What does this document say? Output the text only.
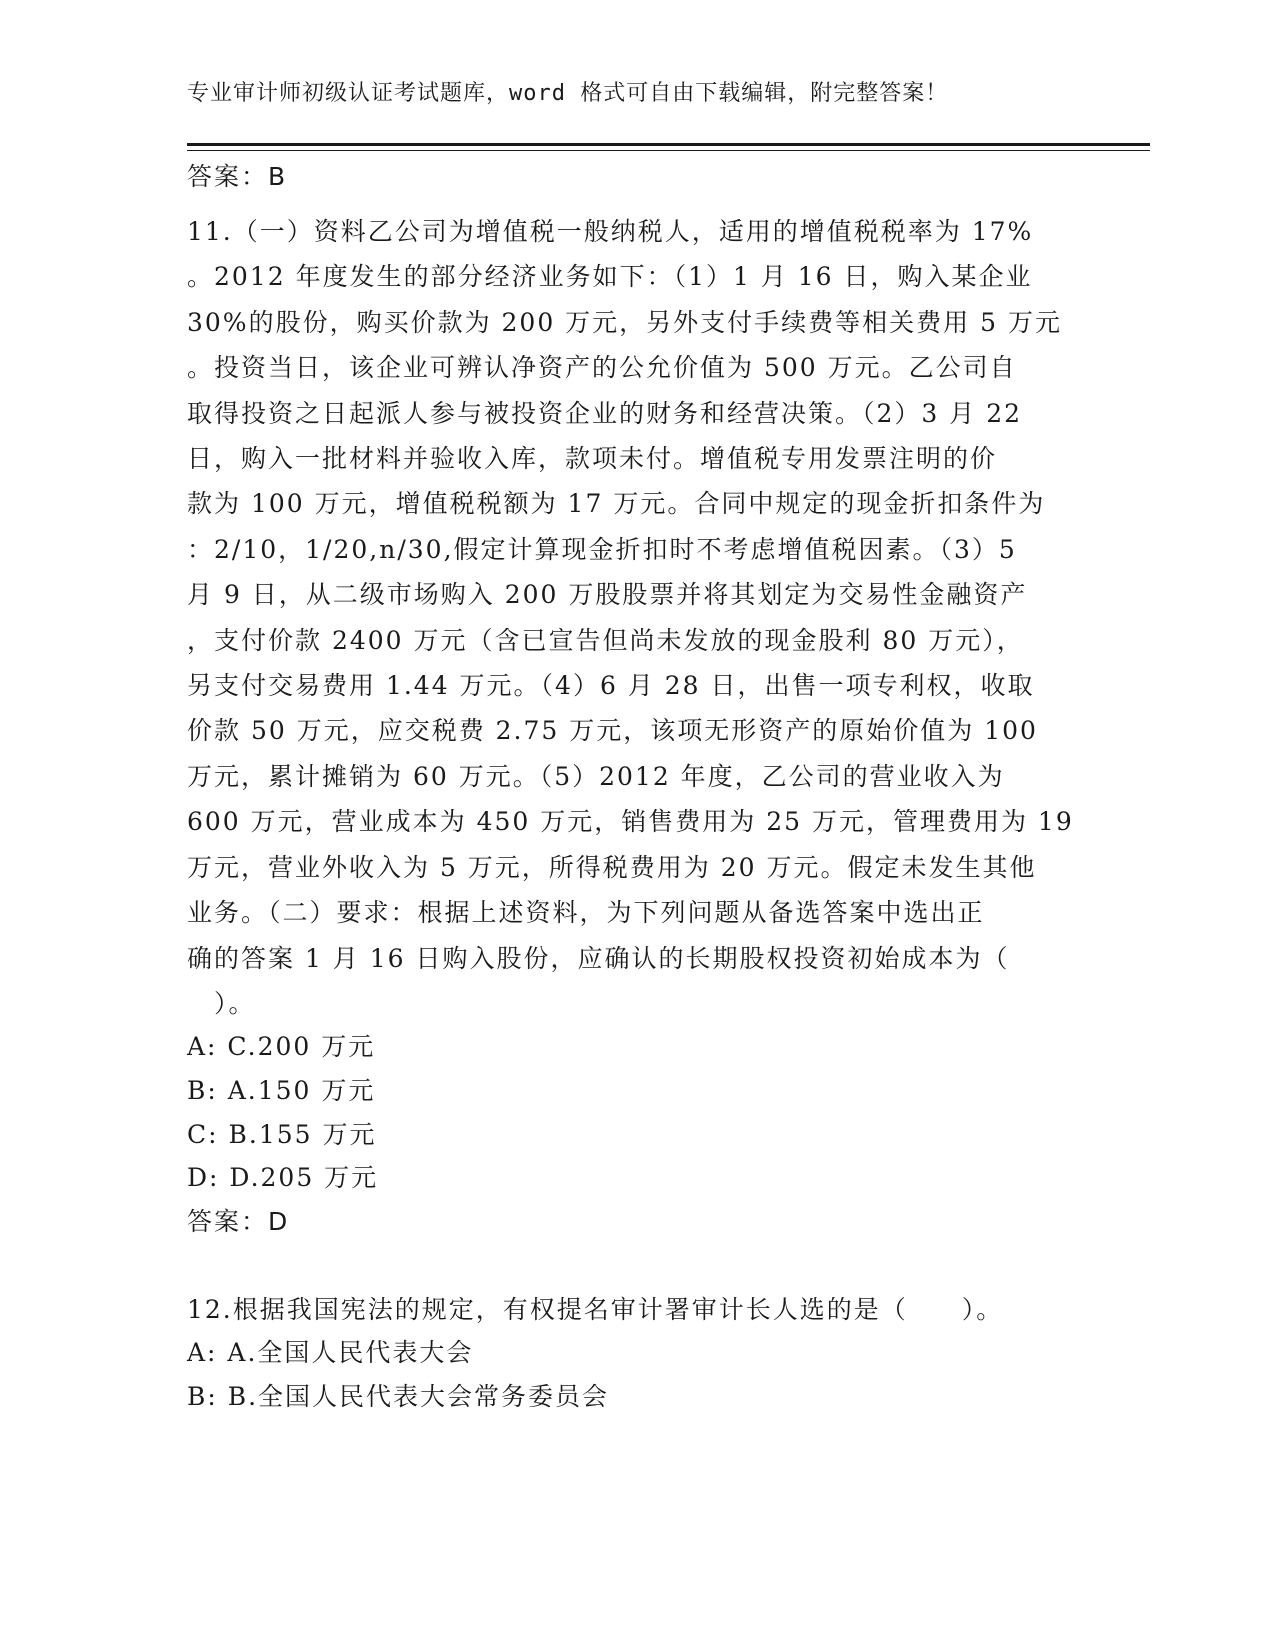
专业审计师初级认证考试题库，word 格式可自由下载编辑，附完整答案！
答案：B

11.（一）资料乙公司为增值税一般纳税人，适用的增值税税率为 17%

。2012 年度发生的部分经济业务如下：（1）1 月 16 日，购入某企业

30%的股份，购买价款为 200 万元，另外支付手续费等相关费用 5 万元

。投资当日，该企业可辨认净资产的公允价值为 500 万元。乙公司自

取得投资之日起派人参与被投资企业的财务和经营决策。（2）3 月 22

日，购入一批材料并验收入库，款项未付。增值税专用发票注明的价

款为 100 万元，增值税税额为 17 万元。合同中规定的现金折扣条件为

：2/10，1/20,n/30,假定计算现金折扣时不考虑增值税因素。（3）5

月 9 日，从二级市场购入 200 万股股票并将其划定为交易性金融资产

，支付价款 2400 万元（含已宣告但尚未发放的现金股利 80 万元），

另支付交易费用 1.44 万元。（4）6 月 28 日，出售一项专利权，收取

价款 50 万元，应交税费 2.75 万元，该项无形资产的原始价值为 100

万元，累计摊销为 60 万元。（5）2012 年度，乙公司的营业收入为

600 万元，营业成本为 450 万元，销售费用为 25 万元，管理费用为 19

万元，营业外收入为 5 万元，所得税费用为 20 万元。假定未发生其他

业务。（二）要求：根据上述资料，为下列问题从备选答案中选出正

确的答案 1 月 16 日购入股份，应确认的长期股权投资初始成本为（

　）。

A: C.200 万元
B: A.150 万元
C: B.155 万元
D: D.205 万元
答案：D
12.根据我国宪法的规定，有权提名审计署审计长人选的是（　　）。
A: A.全国人民代表大会
B: B.全国人民代表大会常务委员会
